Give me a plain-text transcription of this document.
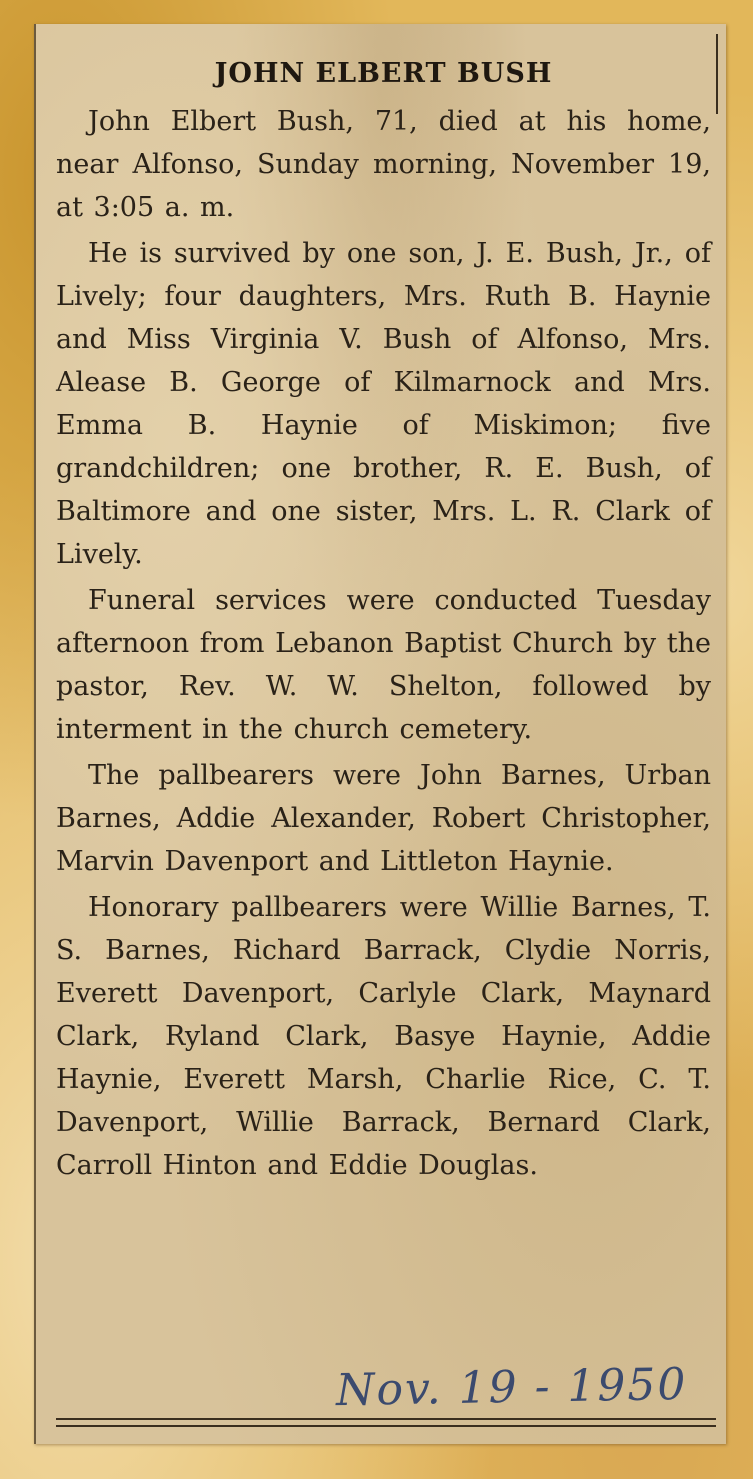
JOHN ELBERT BUSH

John Elbert Bush, 71, died at his home, near Alfonso, Sunday morning, November 19, at 3:05 a. m.

He is survived by one son, J. E. Bush, Jr., of Lively; four daughters, Mrs. Ruth B. Haynie and Miss Virginia V. Bush of Alfonso, Mrs. Alease B. George of Kilmarnock and Mrs. Emma B. Haynie of Miskimon; five grandchildren; one brother, R. E. Bush, of Baltimore and one sister, Mrs. L. R. Clark of Lively.

Funeral services were conducted Tuesday afternoon from Lebanon Baptist Church by the pastor, Rev. W. W. Shelton, followed by interment in the church cemetery.

The pallbearers were John Barnes, Urban Barnes, Addie Alexander, Robert Christopher, Marvin Davenport and Littleton Haynie.

Honorary pallbearers were Willie Barnes, T. S. Barnes, Richard Barrack, Clydie Norris, Everett Davenport, Carlyle Clark, Maynard Clark, Ryland Clark, Basye Haynie, Addie Haynie, Everett Marsh, Charlie Rice, C. T. Davenport, Willie Barrack, Bernard Clark, Carroll Hinton and Eddie Douglas.

Nov. 19 - 1950
